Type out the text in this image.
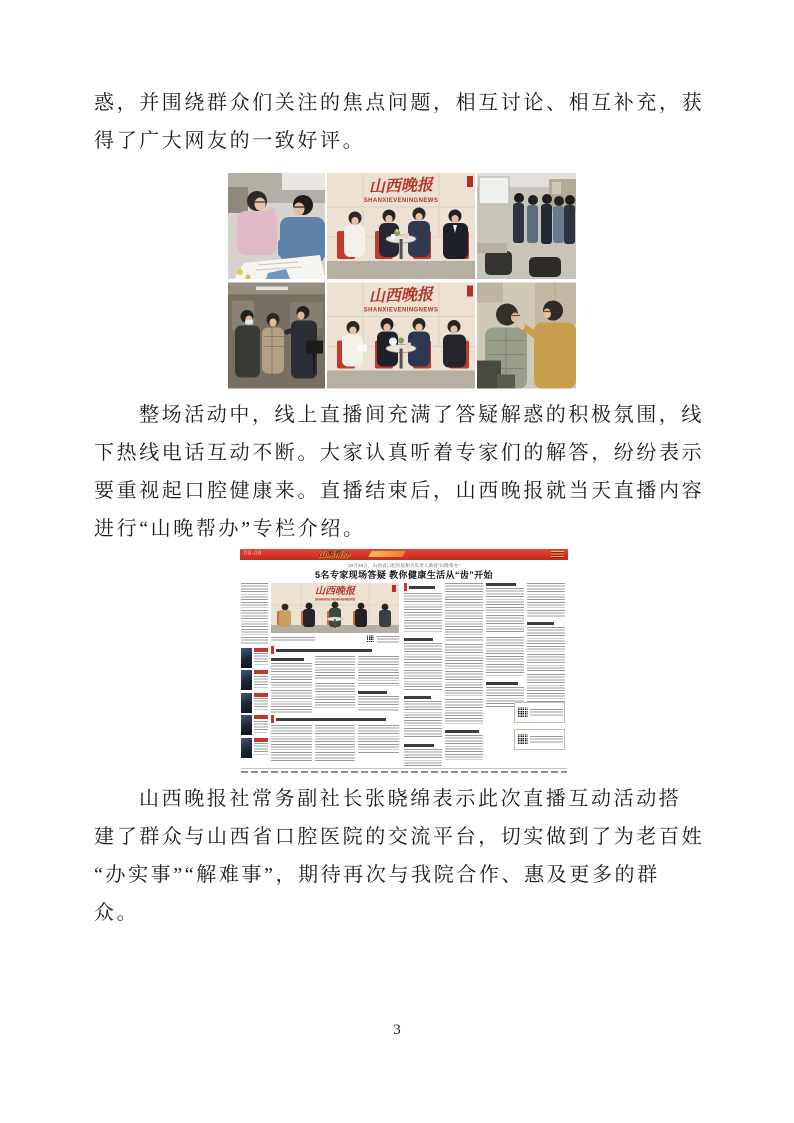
惑，并围绕群众们关注的焦点问题，相互讨论、相互补充，获
得了广大网友的一致好评。
山西晚报
SHANXIEVENINGNEWS
山西晚报
SHANXIEVENINGNEWS
整场活动中，线上直播间充满了答疑解惑的积极氛围，线
下热线电话互动不断。大家认真听着专家们的解答，纷纷表示
要重视起口腔健康来。直播结束后，山西晚报就当天直播内容
进行“山晚帮办”专栏介绍。
08-09	山晚帮办
10月29日，山西省口腔医院相关负责人做客“山晚帮办”
5名专家现场答疑 教你健康生活从“齿”开始
山西晚报
SHANXIEVENINGNEWS
山西晚报社常务副社长张晓绵表示此次直播互动活动搭
建了群众与山西省口腔医院的交流平台，切实做到了为老百姓
“办实事”“解难事”，期待再次与我院合作、惠及更多的群
众。
3
